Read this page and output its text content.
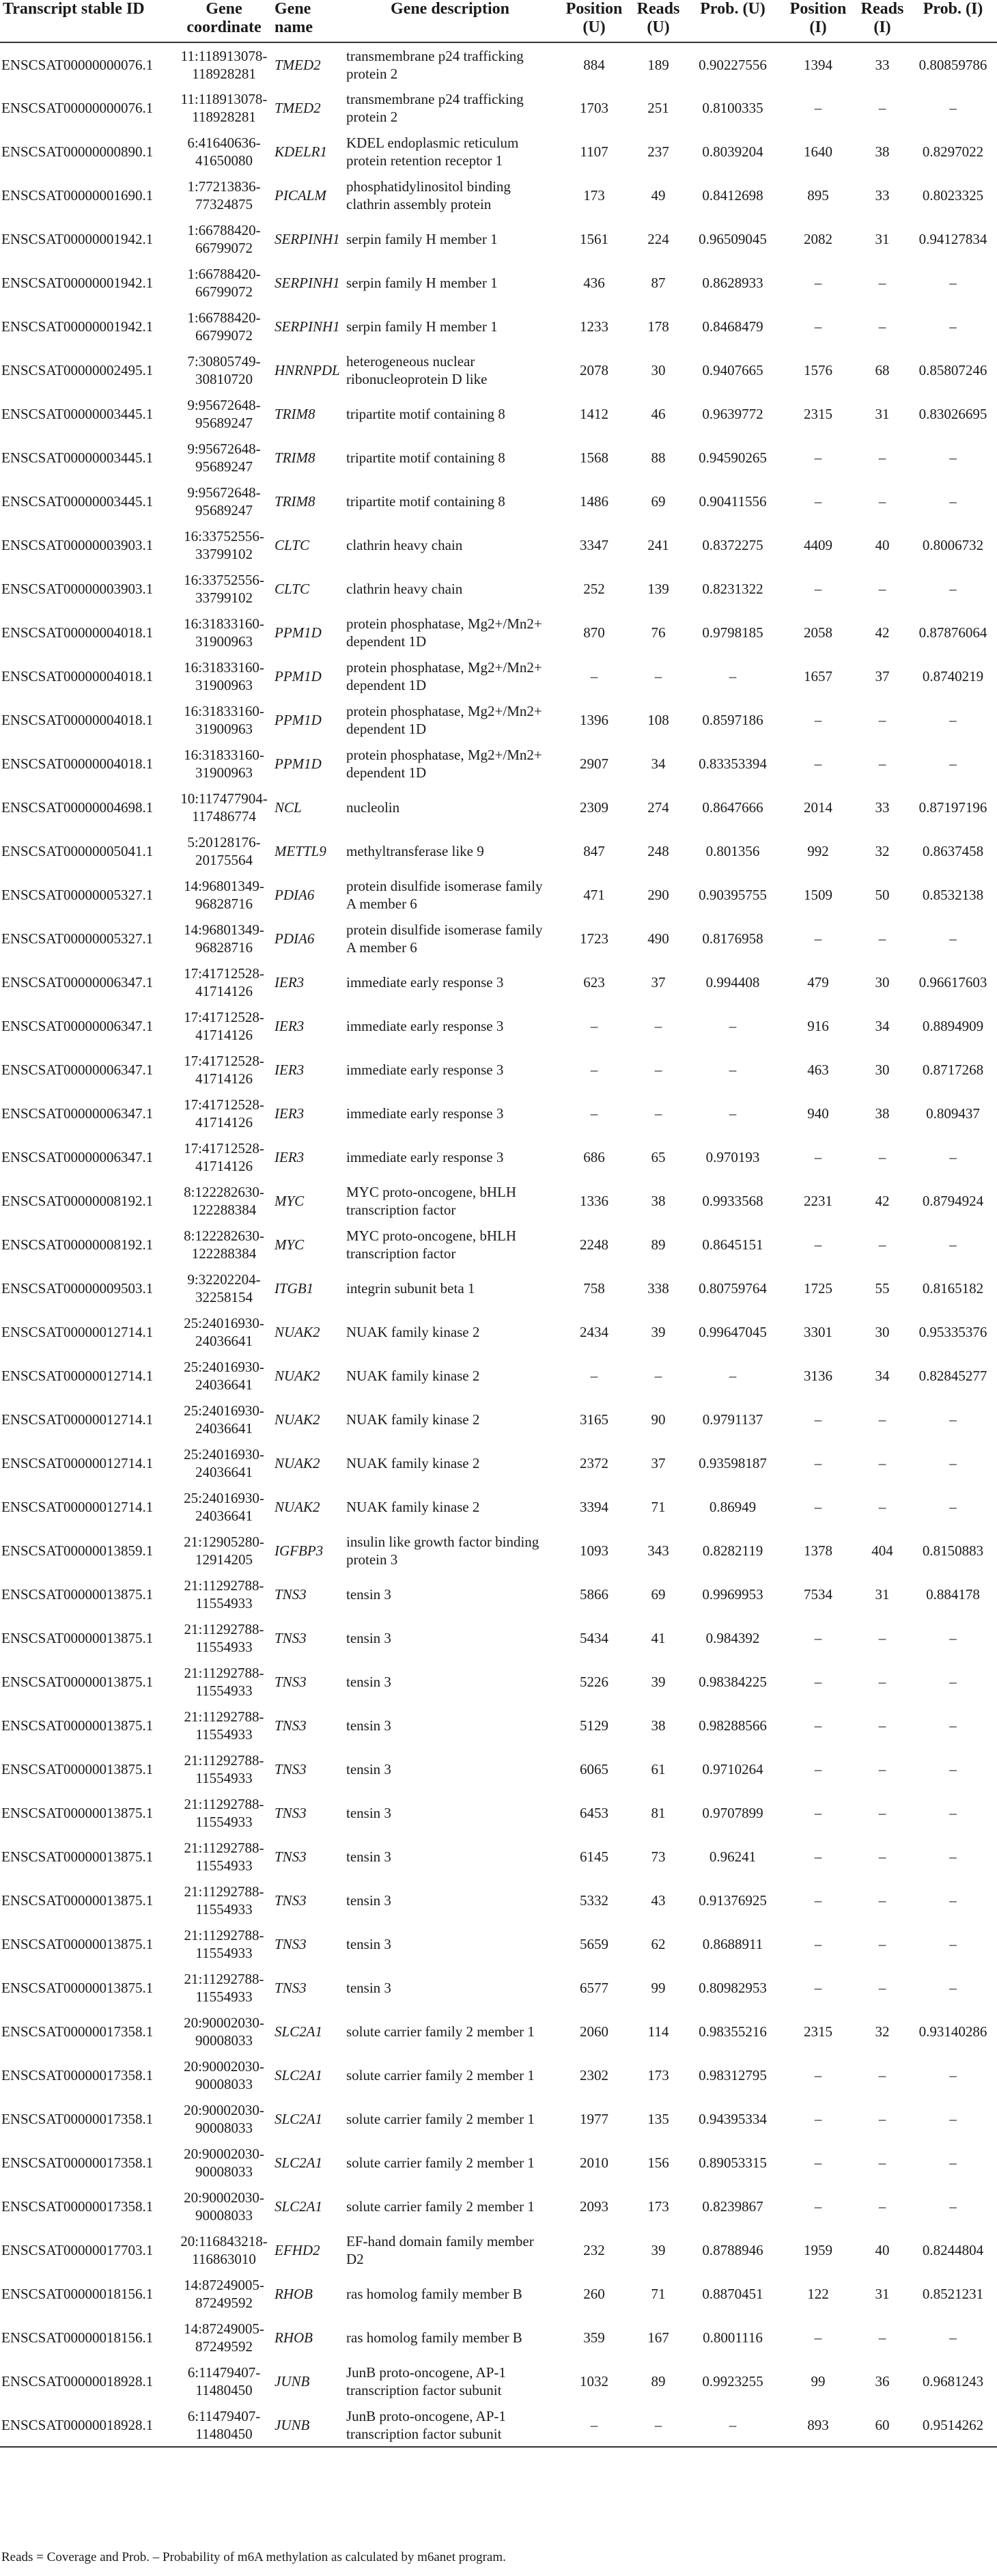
Transcript stable ID	Gene coordinate	Gene name	Gene description	Position (U)	Reads (U)	Prob. (U)	Position (I)	Reads (I)	Prob. (I)
ENSCSAT00000000076.1	11:118913078-118928281	TMED2	transmembrane p24 trafficking protein 2	884	189	0.90227556	1394	33	0.80859786
ENSCSAT00000000076.1	11:118913078-118928281	TMED2	transmembrane p24 trafficking protein 2	1703	251	0.8100335	–	–	–
ENSCSAT00000000890.1	6:41640636-41650080	KDELR1	KDEL endoplasmic reticulum protein retention receptor 1	1107	237	0.8039204	1640	38	0.8297022
ENSCSAT00000001690.1	1:77213836-77324875	PICALM	phosphatidylinositol binding clathrin assembly protein	173	49	0.8412698	895	33	0.8023325
ENSCSAT00000001942.1	1:66788420-66799072	SERPINH1	serpin family H member 1	1561	224	0.96509045	2082	31	0.94127834
ENSCSAT00000001942.1	1:66788420-66799072	SERPINH1	serpin family H member 1	436	87	0.8628933	–	–	–
ENSCSAT00000001942.1	1:66788420-66799072	SERPINH1	serpin family H member 1	1233	178	0.8468479	–	–	–
ENSCSAT00000002495.1	7:30805749-30810720	HNRNPDL	heterogeneous nuclear ribonucleoprotein D like	2078	30	0.9407665	1576	68	0.85807246
ENSCSAT00000003445.1	9:95672648-95689247	TRIM8	tripartite motif containing 8	1412	46	0.9639772	2315	31	0.83026695
ENSCSAT00000003445.1	9:95672648-95689247	TRIM8	tripartite motif containing 8	1568	88	0.94590265	–	–	–
ENSCSAT00000003445.1	9:95672648-95689247	TRIM8	tripartite motif containing 8	1486	69	0.90411556	–	–	–
ENSCSAT00000003903.1	16:33752556-33799102	CLTC	clathrin heavy chain	3347	241	0.8372275	4409	40	0.8006732
ENSCSAT00000003903.1	16:33752556-33799102	CLTC	clathrin heavy chain	252	139	0.8231322	–	–	–
ENSCSAT00000004018.1	16:31833160-31900963	PPM1D	protein phosphatase, Mg2+/Mn2+ dependent 1D	870	76	0.9798185	2058	42	0.87876064
ENSCSAT00000004018.1	16:31833160-31900963	PPM1D	protein phosphatase, Mg2+/Mn2+ dependent 1D	–	–	–	1657	37	0.8740219
ENSCSAT00000004018.1	16:31833160-31900963	PPM1D	protein phosphatase, Mg2+/Mn2+ dependent 1D	1396	108	0.8597186	–	–	–
ENSCSAT00000004018.1	16:31833160-31900963	PPM1D	protein phosphatase, Mg2+/Mn2+ dependent 1D	2907	34	0.83353394	–	–	–
ENSCSAT00000004698.1	10:117477904-117486774	NCL	nucleolin	2309	274	0.8647666	2014	33	0.87197196
ENSCSAT00000005041.1	5:20128176-20175564	METTL9	methyltransferase like 9	847	248	0.801356	992	32	0.8637458
ENSCSAT00000005327.1	14:96801349-96828716	PDIA6	protein disulfide isomerase family A member 6	471	290	0.90395755	1509	50	0.8532138
ENSCSAT00000005327.1	14:96801349-96828716	PDIA6	protein disulfide isomerase family A member 6	1723	490	0.8176958	–	–	–
ENSCSAT00000006347.1	17:41712528-41714126	IER3	immediate early response 3	623	37	0.994408	479	30	0.96617603
ENSCSAT00000006347.1	17:41712528-41714126	IER3	immediate early response 3	–	–	–	916	34	0.8894909
ENSCSAT00000006347.1	17:41712528-41714126	IER3	immediate early response 3	–	–	–	463	30	0.8717268
ENSCSAT00000006347.1	17:41712528-41714126	IER3	immediate early response 3	–	–	–	940	38	0.809437
ENSCSAT00000006347.1	17:41712528-41714126	IER3	immediate early response 3	686	65	0.970193	–	–	–
ENSCSAT00000008192.1	8:122282630-122288384	MYC	MYC proto-oncogene, bHLH transcription factor	1336	38	0.9933568	2231	42	0.8794924
ENSCSAT00000008192.1	8:122282630-122288384	MYC	MYC proto-oncogene, bHLH transcription factor	2248	89	0.8645151	–	–	–
ENSCSAT00000009503.1	9:32202204-32258154	ITGB1	integrin subunit beta 1	758	338	0.80759764	1725	55	0.8165182
ENSCSAT00000012714.1	25:24016930-24036641	NUAK2	NUAK family kinase 2	2434	39	0.99647045	3301	30	0.95335376
ENSCSAT00000012714.1	25:24016930-24036641	NUAK2	NUAK family kinase 2	–	–	–	3136	34	0.82845277
ENSCSAT00000012714.1	25:24016930-24036641	NUAK2	NUAK family kinase 2	3165	90	0.9791137	–	–	–
ENSCSAT00000012714.1	25:24016930-24036641	NUAK2	NUAK family kinase 2	2372	37	0.93598187	–	–	–
ENSCSAT00000012714.1	25:24016930-24036641	NUAK2	NUAK family kinase 2	3394	71	0.86949	–	–	–
ENSCSAT00000013859.1	21:12905280-12914205	IGFBP3	insulin like growth factor binding protein 3	1093	343	0.8282119	1378	404	0.8150883
ENSCSAT00000013875.1	21:11292788-11554933	TNS3	tensin 3	5866	69	0.9969953	7534	31	0.884178
ENSCSAT00000013875.1	21:11292788-11554933	TNS3	tensin 3	5434	41	0.984392	–	–	–
ENSCSAT00000013875.1	21:11292788-11554933	TNS3	tensin 3	5226	39	0.98384225	–	–	–
ENSCSAT00000013875.1	21:11292788-11554933	TNS3	tensin 3	5129	38	0.98288566	–	–	–
ENSCSAT00000013875.1	21:11292788-11554933	TNS3	tensin 3	6065	61	0.9710264	–	–	–
ENSCSAT00000013875.1	21:11292788-11554933	TNS3	tensin 3	6453	81	0.9707899	–	–	–
ENSCSAT00000013875.1	21:11292788-11554933	TNS3	tensin 3	6145	73	0.96241	–	–	–
ENSCSAT00000013875.1	21:11292788-11554933	TNS3	tensin 3	5332	43	0.91376925	–	–	–
ENSCSAT00000013875.1	21:11292788-11554933	TNS3	tensin 3	5659	62	0.8688911	–	–	–
ENSCSAT00000013875.1	21:11292788-11554933	TNS3	tensin 3	6577	99	0.80982953	–	–	–
ENSCSAT00000017358.1	20:90002030-90008033	SLC2A1	solute carrier family 2 member 1	2060	114	0.98355216	2315	32	0.93140286
ENSCSAT00000017358.1	20:90002030-90008033	SLC2A1	solute carrier family 2 member 1	2302	173	0.98312795	–	–	–
ENSCSAT00000017358.1	20:90002030-90008033	SLC2A1	solute carrier family 2 member 1	1977	135	0.94395334	–	–	–
ENSCSAT00000017358.1	20:90002030-90008033	SLC2A1	solute carrier family 2 member 1	2010	156	0.89053315	–	–	–
ENSCSAT00000017358.1	20:90002030-90008033	SLC2A1	solute carrier family 2 member 1	2093	173	0.8239867	–	–	–
ENSCSAT00000017703.1	20:116843218-116863010	EFHD2	EF-hand domain family member D2	232	39	0.8788946	1959	40	0.8244804
ENSCSAT00000018156.1	14:87249005-87249592	RHOB	ras homolog family member B	260	71	0.8870451	122	31	0.8521231
ENSCSAT00000018156.1	14:87249005-87249592	RHOB	ras homolog family member B	359	167	0.8001116	–	–	–
ENSCSAT00000018928.1	6:11479407-11480450	JUNB	JunB proto-oncogene, AP-1 transcription factor subunit	1032	89	0.9923255	99	36	0.9681243
ENSCSAT00000018928.1	6:11479407-11480450	JUNB	JunB proto-oncogene, AP-1 transcription factor subunit	–	–	–	893	60	0.9514262
Reads = Coverage and Prob. – Probability of m6A methylation as calculated by m6anet program.
